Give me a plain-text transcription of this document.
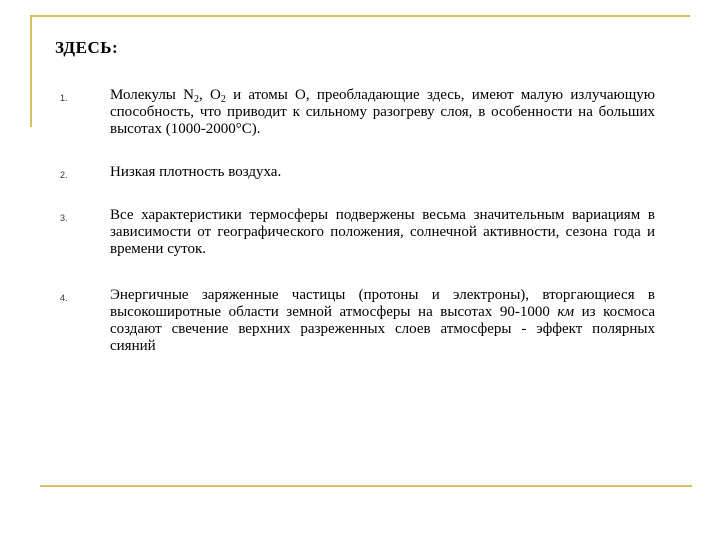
ЗДЕСЬ:
1.	Молекулы $N_2$, $O_2$ и атомы O, преобладающие здесь, имеют малую излучающую способность, что приводит к сильному разогреву слоя, в особенности на больших высотах (1000-2000°С).
2.	Низкая плотность воздуха.
3.	Все характеристики термосферы подвержены весьма значительным вариациям в зависимости от географического положения, солнечной активности, сезона года и времени суток.
4.	Энергичные заряженные частицы (протоны и электроны), вторгающиеся в высокоширотные области земной атмосферы на высотах 90-1000 км из космоса создают свечение верхних разреженных слоев атмосферы - эффект полярных сияний
